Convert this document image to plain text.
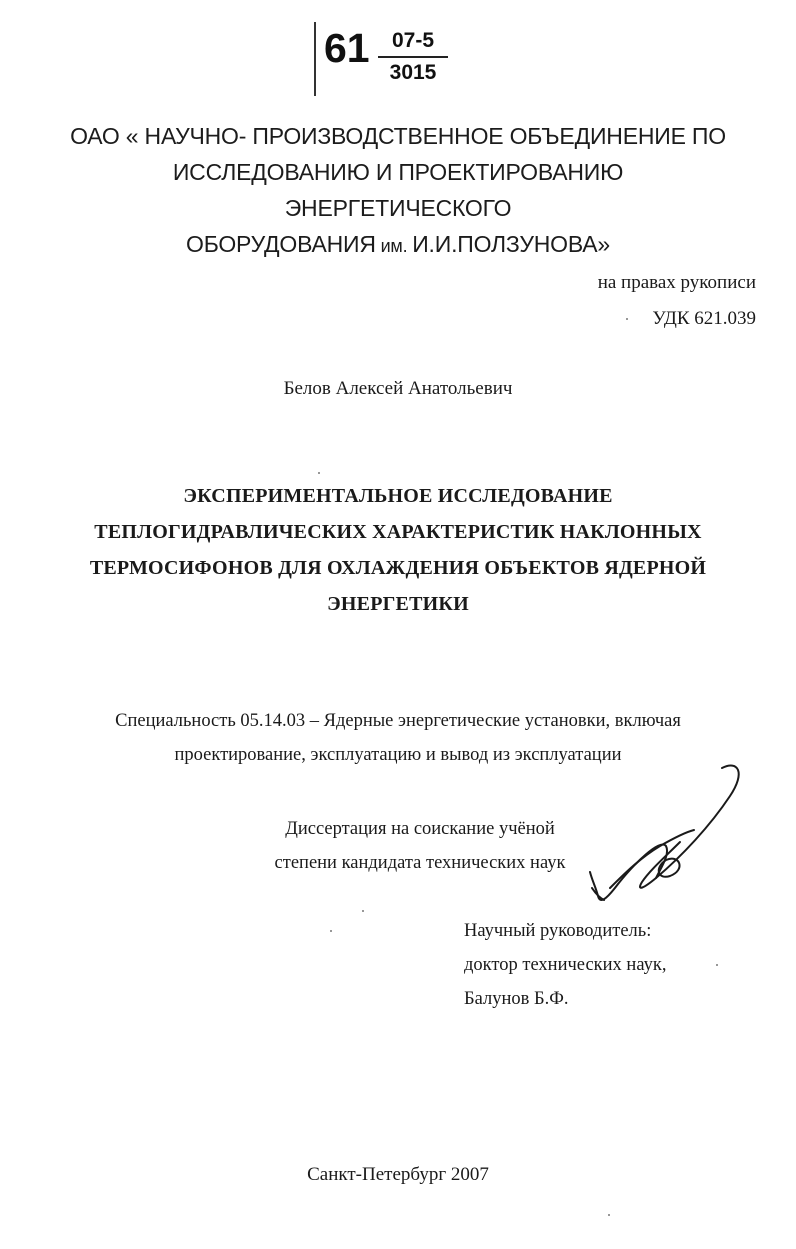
61	07-5
3015
ОАО « НАУЧНО- ПРОИЗВОДСТВЕННОЕ ОБЪЕДИНЕНИЕ ПО
ИССЛЕДОВАНИЮ И ПРОЕКТИРОВАНИЮ ЭНЕРГЕТИЧЕСКОГО
ОБОРУДОВАНИЯ им. И.И.ПОЛЗУНОВА»
на правах рукописи
УДК 621.039
Белов Алексей Анатольевич
ЭКСПЕРИМЕНТАЛЬНОЕ ИССЛЕДОВАНИЕ
ТЕПЛОГИДРАВЛИЧЕСКИХ ХАРАКТЕРИСТИК НАКЛОННЫХ
ТЕРМОСИФОНОВ ДЛЯ ОХЛАЖДЕНИЯ ОБЪЕКТОВ ЯДЕРНОЙ
ЭНЕРГЕТИКИ
Специальность 05.14.03 – Ядерные энергетические установки, включая
проектирование, эксплуатацию и вывод из эксплуатации
Диссертация на соискание учёной
степени кандидата технических наук
Научный руководитель:
доктор технических наук,
Балунов Б.Ф.
Санкт-Петербург 2007
